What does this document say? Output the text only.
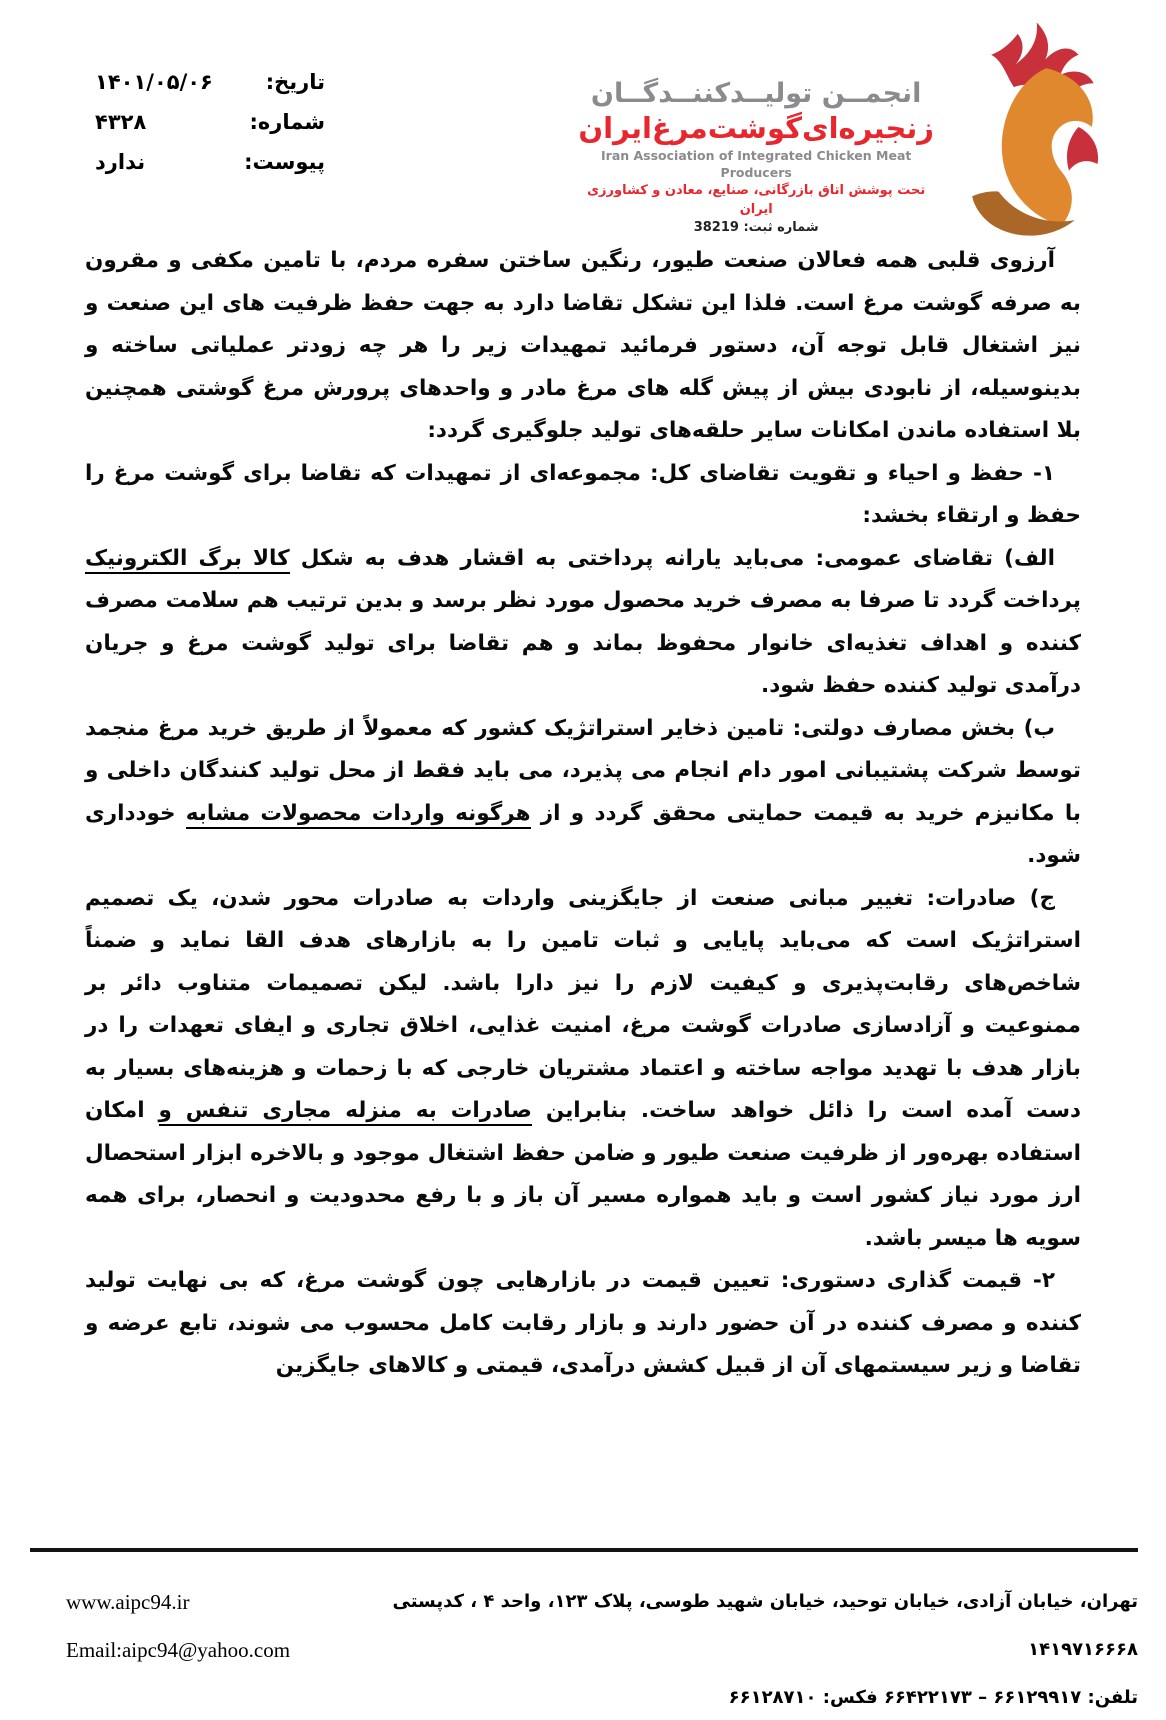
تاریخ:
۱۴۰۱/۰۵/۰۶
شماره:
۴۳۲۸
پیوست:
ندارد
انجمــن تولیــدکننــدگــان
زنجیره‌ای‌گوشت‌مرغ‌ایران
Iran Association of Integrated Chicken Meat Producers
تحت پوشش اتاق بازرگانی، صنایع، معادن و کشاورزی ایران
شماره ثبت: 38219

آرزوی قلبی همه فعالان صنعت طیور، رنگین ساختن سفره مردم، با تامین مکفی و مقرون به صرفه گوشت مرغ است. فلذا این تشکل تقاضا دارد به جهت حفظ ظرفیت های این صنعت و نیز اشتغال قابل توجه آن، دستور فرمائید تمهیدات زیر را هر چه زودتر عملیاتی ساخته و بدینوسیله، از نابودی بیش از پیش گله های مرغ مادر و واحدهای پرورش مرغ گوشتی همچنین بلا استفاده ماندن امکانات سایر حلقه‌های تولید جلوگیری گردد:

۱- حفظ و احیاء و تقویت تقاضای کل: مجموعه‌ای از تمهیدات که تقاضا برای گوشت مرغ را حفظ و ارتقاء بخشد:

الف) تقاضای عمومی: می‌باید یارانه پرداختی به اقشار هدف به شکل کالا برگ الکترونیک پرداخت گردد تا صرفا به مصرف خرید محصول مورد نظر برسد و بدین ترتیب هم سلامت مصرف کننده و اهداف تغذیه‌ای خانوار محفوظ بماند و هم تقاضا برای تولید گوشت مرغ و جریان درآمدی تولید کننده حفظ شود.

ب) بخش مصارف دولتی: تامین ذخایر استراتژیک کشور که معمولاً از طریق خرید مرغ منجمد توسط شرکت پشتیبانی امور دام انجام می پذیرد، می باید فقط از محل تولید کنندگان داخلی و با مکانیزم خرید به قیمت حمایتی محقق گردد و از هرگونه واردات محصولات مشابه خودداری شود.

ج) صادرات: تغییر مبانی صنعت از جایگزینی واردات به صادرات محور شدن، یک تصمیم استراتژیک است که می‌باید پایایی و ثبات تامین را به بازارهای هدف القا نماید و ضمناً شاخص‌های رقابت‌پذیری و کیفیت لازم را نیز دارا باشد. لیکن تصمیمات متناوب دائر بر ممنوعیت و آزادسازی صادرات گوشت مرغ، امنیت غذایی، اخلاق تجاری و ایفای تعهدات را در بازار هدف با تهدید مواجه ساخته و اعتماد مشتریان خارجی که با زحمات و هزینه‌های بسیار به دست آمده است را ذائل خواهد ساخت. بنابراین صادرات به منزله مجاری تنفس و امکان استفاده بهره‌ور از ظرفیت صنعت طیور و ضامن حفظ اشتغال موجود و بالاخره ابزار استحصال ارز مورد نیاز کشور است و باید همواره مسیر آن باز و با رفع محدودیت و انحصار، برای همه سویه ها میسر باشد.

۲- قیمت گذاری دستوری: تعیین قیمت در بازارهایی چون گوشت مرغ، که بی نهایت تولید کننده و مصرف کننده در آن حضور دارند و بازار رقابت کامل محسوب می شوند، تابع عرضه و تقاضا و زیر سیستمهای آن از قبیل کشش درآمدی، قیمتی و کالاهای جایگزین

تهران، خیابان آزادی، خیابان توحید، خیابان شهید طوسی، پلاک ۱۲۳، واحد ۴ ، کدپستی ۱۴۱۹۷۱۶۶۶۸
تلفن: ۶۶۱۲۹۹۱۷ – ۶۶۴۲۲۱۷۳ فکس: ۶۶۱۲۸۷۱۰
www.aipc94.ir
Email:aipc94@yahoo.com
